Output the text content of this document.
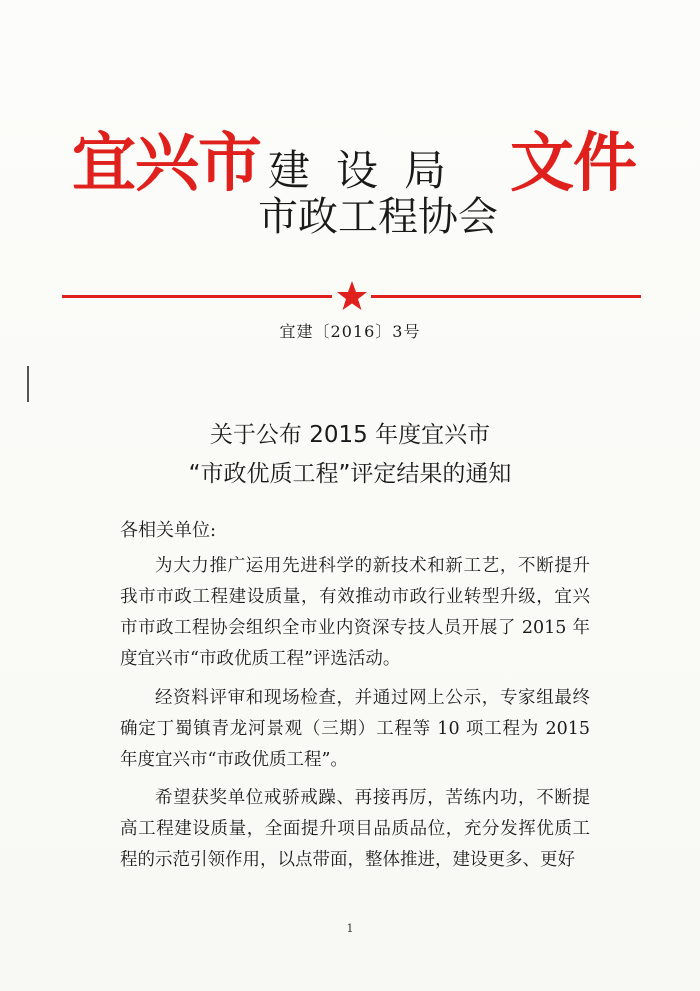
宜兴市 建设局
市政工程协会
文件
宜建〔2016〕3号
关于公布 2015 年度宜兴市
“市政优质工程”评定结果的通知
各相关单位:

为大力推广运用先进科学的新技术和新工艺，不断提升我市市政工程建设质量，有效推动市政行业转型升级，宜兴市市政工程协会组织全市业内资深专技人员开展了 2015 年度宜兴市“市政优质工程”评选活动。

经资料评审和现场检查，并通过网上公示，专家组最终确定丁蜀镇青龙河景观（三期）工程等 10 项工程为 2015 年度宜兴市“市政优质工程”。

希望获奖单位戒骄戒躁、再接再厉，苦练内功，不断提高工程建设质量，全面提升项目品质品位，充分发挥优质工程的示范引领作用，以点带面，整体推进，建设更多、更好

1
